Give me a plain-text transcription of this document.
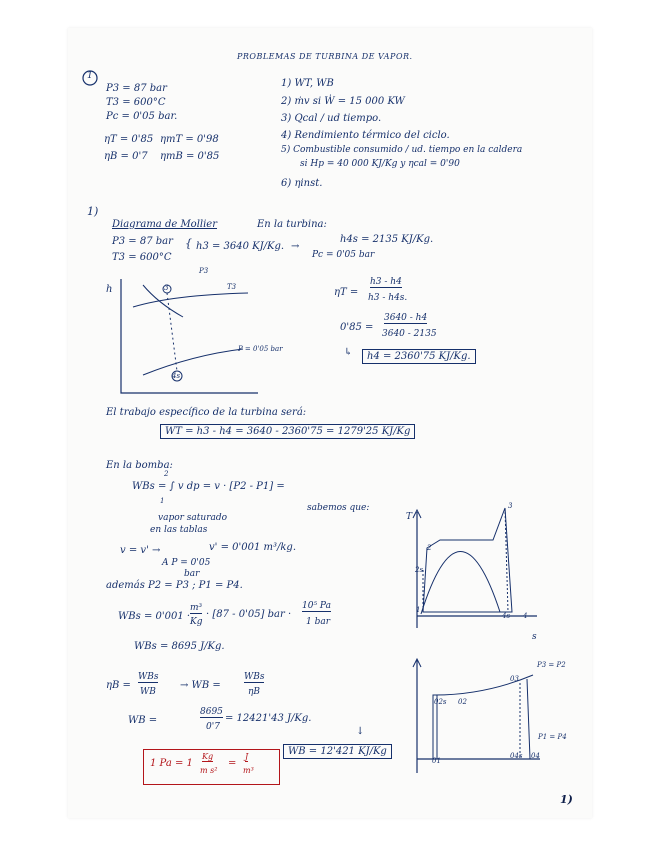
PROBLEMAS DE TURBINA DE VAPOR.
1
P3 = 87 bar
T3 = 600°C
Pc = 0'05 bar.
ηT = 0'85 ηmT = 0'98
ηB = 0'7 ηmB = 0'85
1) WT, WB
2) ṁv si Ẇ = 15 000 KW
3) Qcal / ud tiempo.
4) Rendimiento térmico del ciclo.
5) Combustible consumido / ud. tiempo en la caldera
si Hp = 40 000 KJ/Kg y ηcal = 0'90
6) ηinst.
1)
Diagrama de Mollier	En la turbina:
P3 = 87 bar
T3 = 600°C
{ h3 = 3640 KJ/Kg. →
h4s = 2135 KJ/Kg.
Pc = 0'05 bar
h
P3
T3
3
P = 0'05 bar
4s
ηT =
h3 - h4
h3 - h4s.
0'85 =
3640 - h4
3640 - 2135
↳	h4 = 2360'75 KJ/Kg.
El trabajo específico de la turbina será:
WT = h3 - h4 = 3640 - 2360'75 = 1279'25 KJ/Kg
En la bomba:
2
1
WBs = ∫ v dp = v · [P2 - P1] =
vapor saturado
en las tablas
sabemos que:
v = v' →	v' = 0'001 m³/kg.
A P = 0'05
bar
además P2 = P3 ; P1 = P4.
WBs = 0'001 ·
m³
Kg
· [87 - 0'05] bar ·
10⁵ Pa
1 bar
WBs = 8695 J/Kg.
ηB =
WBs
WB
→ WB =
WBs
ηB
WB =
8695
0'7
= 12421'43 J/Kg.
↓
WB = 12'421 KJ/Kg
1 Pa = 1
Kg
m s²
=
J
m³
T
s
3
2
2s
1
4s 4
P3 = P2
03
02s 02
P1 = P4
01
04s 04
1)
